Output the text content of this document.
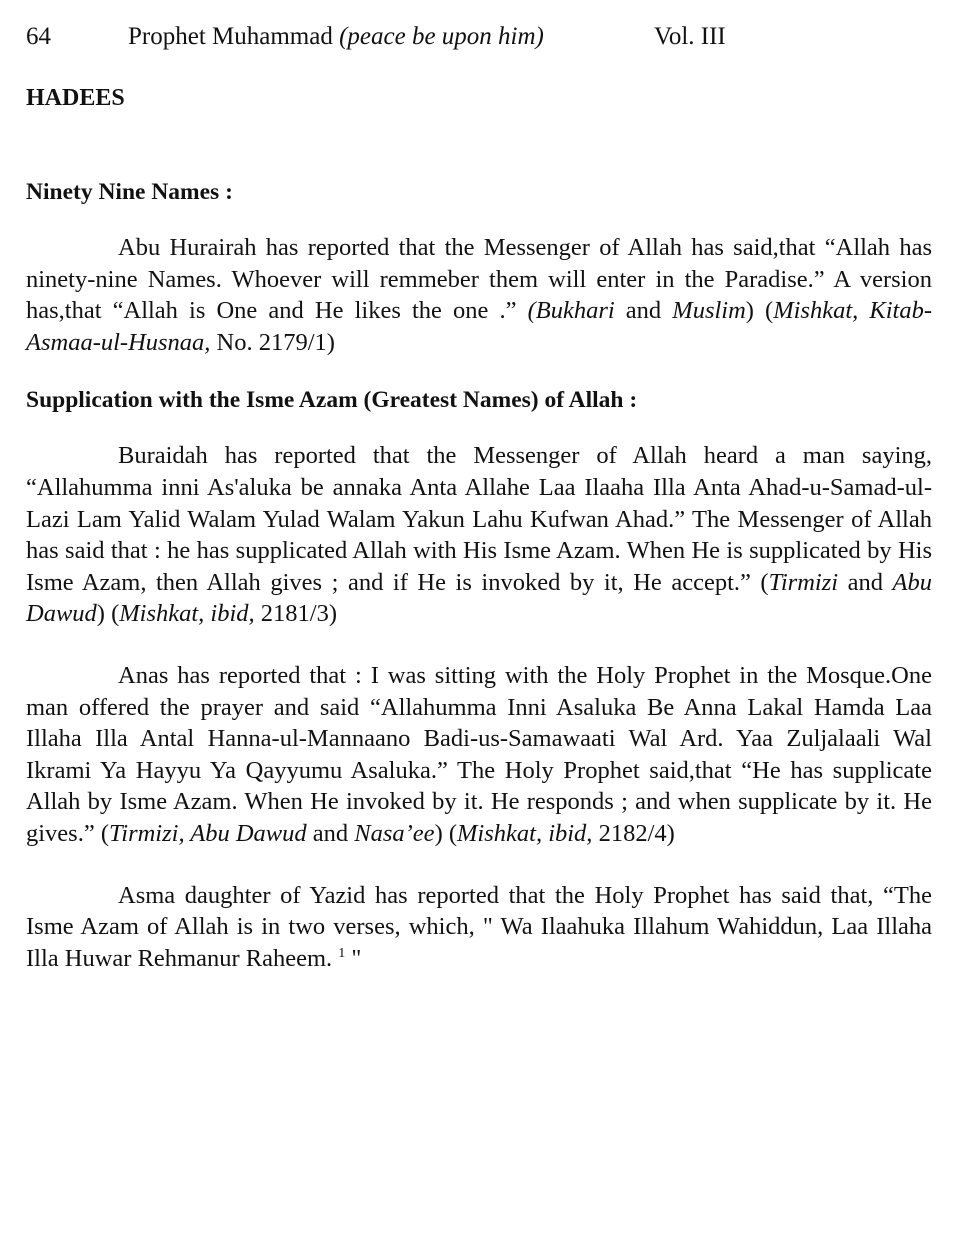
64	Prophet Muhammad (peace be upon him)	Vol. III

HADEES

Ninety Nine Names :

Abu Hurairah has reported that the Messenger of Allah has said,that “Allah has ninety-nine Names. Whoever will remmeber them will enter in the Paradise.” A version has,that “Allah is One and He likes the one .” (Bukhari and Muslim) (Mishkat, Kitab-Asmaa-ul-Husnaa, No. 2179/1)

Supplication with the Isme Azam (Greatest Names) of Allah :

Buraidah has reported that the Messenger of Allah heard a man saying, “Allahumma inni As'aluka be annaka Anta Allahe Laa Ilaaha Illa Anta Ahad-u-Samad-ul-Lazi Lam Yalid Walam Yulad Walam Yakun Lahu Kufwan Ahad.” The Messenger of Allah has said that : he has supplicated Allah with His Isme Azam. When He is supplicated by His Isme Azam, then Allah gives ; and if He is invoked by it, He accept.” (Tirmizi and Abu Dawud) (Mishkat, ibid, 2181/3)

Anas has reported that : I was sitting with the Holy Prophet in the Mosque.One man offered the prayer and said “Allahumma Inni Asaluka Be Anna Lakal Hamda Laa Illaha Illa Antal Hanna-ul-Mannaano Badi-us-Samawaati Wal Ard. Yaa Zuljalaali Wal Ikrami Ya Hayyu Ya Qayyumu Asaluka.” The Holy Prophet said,that “He has supplicate Allah by Isme Azam. When He invoked by it. He responds ; and when supplicate by it. He gives.” (Tirmizi, Abu Dawud and Nasa’ee) (Mishkat, ibid, 2182/4)

Asma daughter of Yazid has reported that the Holy Prophet has said that, “The Isme Azam of Allah is in two verses, which, " Wa Ilaahuka Illahum Wahiddun, Laa Illaha Illa Huwar Rehmanur Raheem. $^1$ "
